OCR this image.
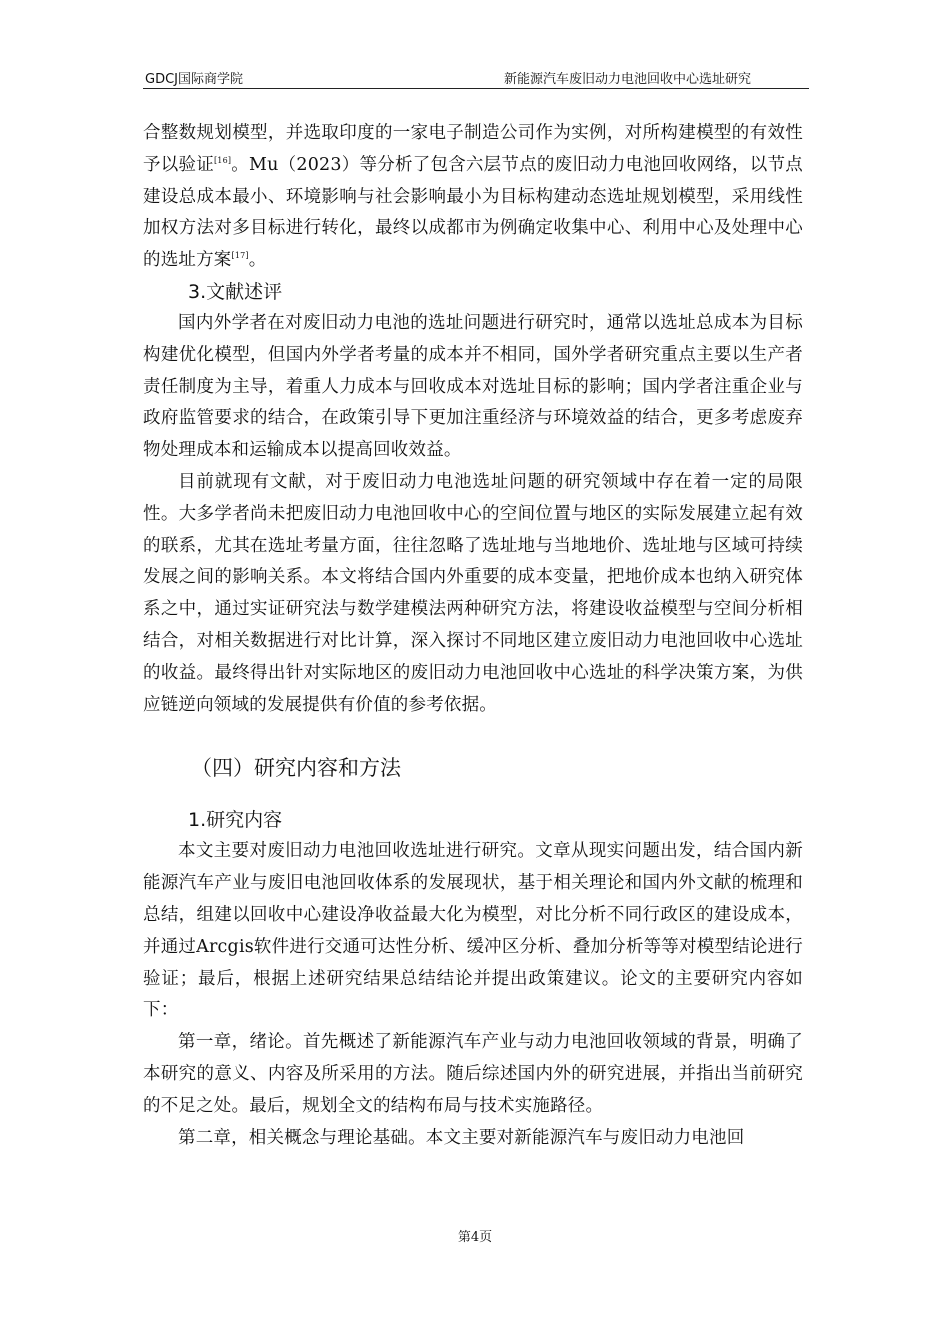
GDCJ国际商学院	新能源汽车废旧动力电池回收中心选址研究

合整数规划模型，并选取印度的一家电子制造公司作为实例，对所构建模型的有效性予以验证[16]。Mu（2023）等分析了包含六层节点的废旧动力电池回收网络，以节点建设总成本最小、环境影响与社会影响最小为目标构建动态选址规划模型，采用线性加权方法对多目标进行转化，最终以成都市为例确定收集中心、利用中心及处理中心的选址方案[17]。

3.文献述评

国内外学者在对废旧动力电池的选址问题进行研究时，通常以选址总成本为目标构建优化模型，但国内外学者考量的成本并不相同，国外学者研究重点主要以生产者责任制度为主导，着重人力成本与回收成本对选址目标的影响；国内学者注重企业与政府监管要求的结合，在政策引导下更加注重经济与环境效益的结合，更多考虑废弃物处理成本和运输成本以提高回收效益。

目前就现有文献，对于废旧动力电池选址问题的研究领域中存在着一定的局限性。大多学者尚未把废旧动力电池回收中心的空间位置与地区的实际发展建立起有效的联系，尤其在选址考量方面，往往忽略了选址地与当地地价、选址地与区域可持续发展之间的影响关系。本文将结合国内外重要的成本变量，把地价成本也纳入研究体系之中，通过实证研究法与数学建模法两种研究方法，将建设收益模型与空间分析相结合，对相关数据进行对比计算，深入探讨不同地区建立废旧动力电池回收中心选址的收益。最终得出针对实际地区的废旧动力电池回收中心选址的科学决策方案，为供应链逆向领域的发展提供有价值的参考依据。

（四）研究内容和方法
1.研究内容

本文主要对废旧动力电池回收选址进行研究。文章从现实问题出发，结合国内新能源汽车产业与废旧电池回收体系的发展现状，基于相关理论和国内外文献的梳理和总结，组建以回收中心建设净收益最大化为模型，对比分析不同行政区的建设成本，并通过Arcgis软件进行交通可达性分析、缓冲区分析、叠加分析等等对模型结论进行验证；最后，根据上述研究结果总结结论并提出政策建议。论文的主要研究内容如下：

第一章，绪论。首先概述了新能源汽车产业与动力电池回收领域的背景，明确了本研究的意义、内容及所采用的方法。随后综述国内外的研究进展，并指出当前研究的不足之处。最后，规划全文的结构布局与技术实施路径。

第二章，相关概念与理论基础。本文主要对新能源汽车与废旧动力电池回

第4页
